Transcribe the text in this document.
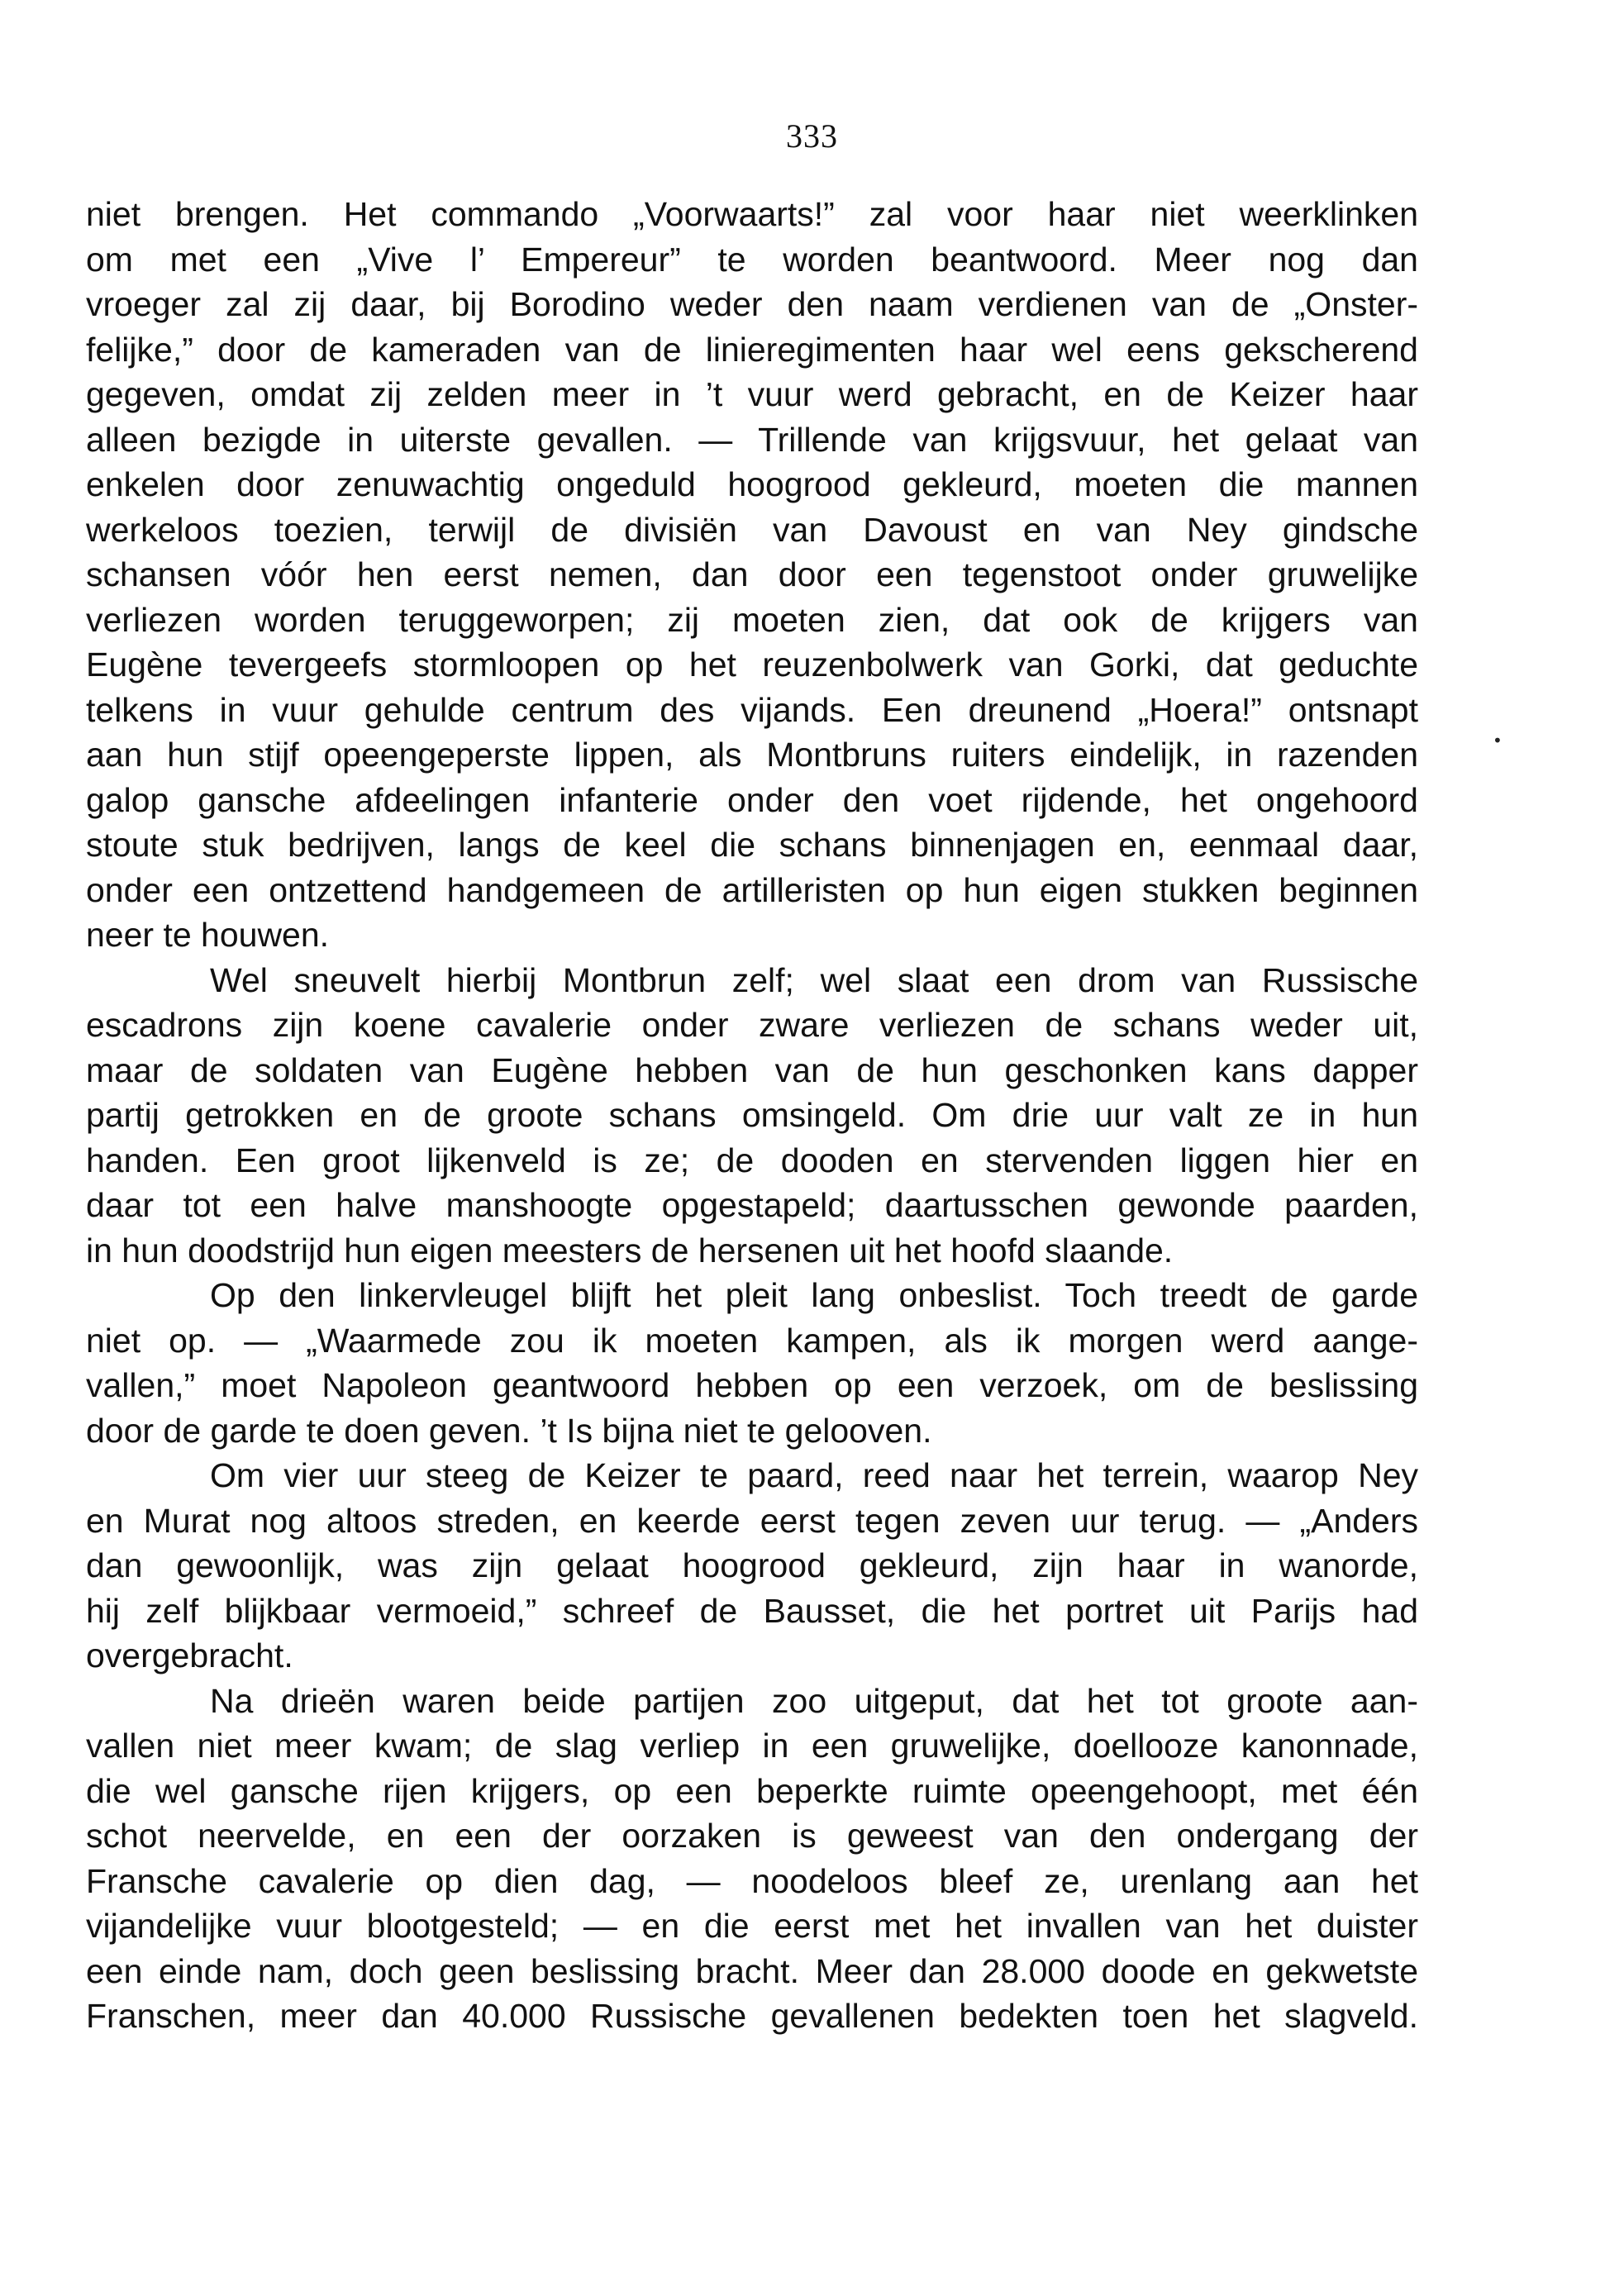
333
•
niet brengen. Het commando „Voorwaarts!” zal voor haar niet weerklinken
om met een „Vive l’ Empereur” te worden beantwoord. Meer nog dan
vroeger zal zij daar, bij Borodino weder den naam verdienen van de „Onster-
felijke,” door de kameraden van de linieregimenten haar wel eens gekscherend
gegeven, omdat zij zelden meer in ’t vuur werd gebracht, en de Keizer haar
alleen bezigde in uiterste gevallen. — Trillende van krijgsvuur, het gelaat van
enkelen door zenuwachtig ongeduld hoogrood gekleurd, moeten die mannen
werkeloos toezien, terwijl de divisiën van Davoust en van Ney gindsche
schansen vóór hen eerst nemen, dan door een tegenstoot onder gruwelijke
verliezen worden teruggeworpen; zij moeten zien, dat ook de krijgers van
Eugène tevergeefs stormloopen op het reuzenbolwerk van Gorki, dat geduchte
telkens in vuur gehulde centrum des vijands. Een dreunend „Hoera!” ontsnapt
aan hun stijf opeengeperste lippen, als Montbruns ruiters eindelijk, in razenden
galop gansche afdeelingen infanterie onder den voet rijdende, het ongehoord
stoute stuk bedrijven, langs de keel die schans binnenjagen en, eenmaal daar,
onder een ontzettend handgemeen de artilleristen op hun eigen stukken beginnen
neer te houwen.
Wel sneuvelt hierbij Montbrun zelf; wel slaat een drom van Russische
escadrons zijn koene cavalerie onder zware verliezen de schans weder uit,
maar de soldaten van Eugène hebben van de hun geschonken kans dapper
partij getrokken en de groote schans omsingeld. Om drie uur valt ze in hun
handen. Een groot lijkenveld is ze; de dooden en stervenden liggen hier en
daar tot een halve manshoogte opgestapeld; daartusschen gewonde paarden,
in hun doodstrijd hun eigen meesters de hersenen uit het hoofd slaande.
Op den linkervleugel blijft het pleit lang onbeslist. Toch treedt de garde
niet op. — „Waarmede zou ik moeten kampen, als ik morgen werd aange-
vallen,” moet Napoleon geantwoord hebben op een verzoek, om de beslissing
door de garde te doen geven. ’t Is bijna niet te gelooven.
Om vier uur steeg de Keizer te paard, reed naar het terrein, waarop Ney
en Murat nog altoos streden, en keerde eerst tegen zeven uur terug. — „Anders
dan gewoonlijk, was zijn gelaat hoogrood gekleurd, zijn haar in wanorde,
hij zelf blijkbaar vermoeid,” schreef de Bausset, die het portret uit Parijs had
overgebracht.
Na drieën waren beide partijen zoo uitgeput, dat het tot groote aan-
vallen niet meer kwam; de slag verliep in een gruwelijke, doellooze kanonnade,
die wel gansche rijen krijgers, op een beperkte ruimte opeengehoopt, met één
schot neervelde, en een der oorzaken is geweest van den ondergang der
Fransche cavalerie op dien dag, — noodeloos bleef ze, urenlang aan het
vijandelijke vuur blootgesteld; — en die eerst met het invallen van het duister
een einde nam, doch geen beslissing bracht. Meer dan 28.000 doode en gekwetste
Franschen, meer dan 40.000 Russische gevallenen bedekten toen het slagveld.
